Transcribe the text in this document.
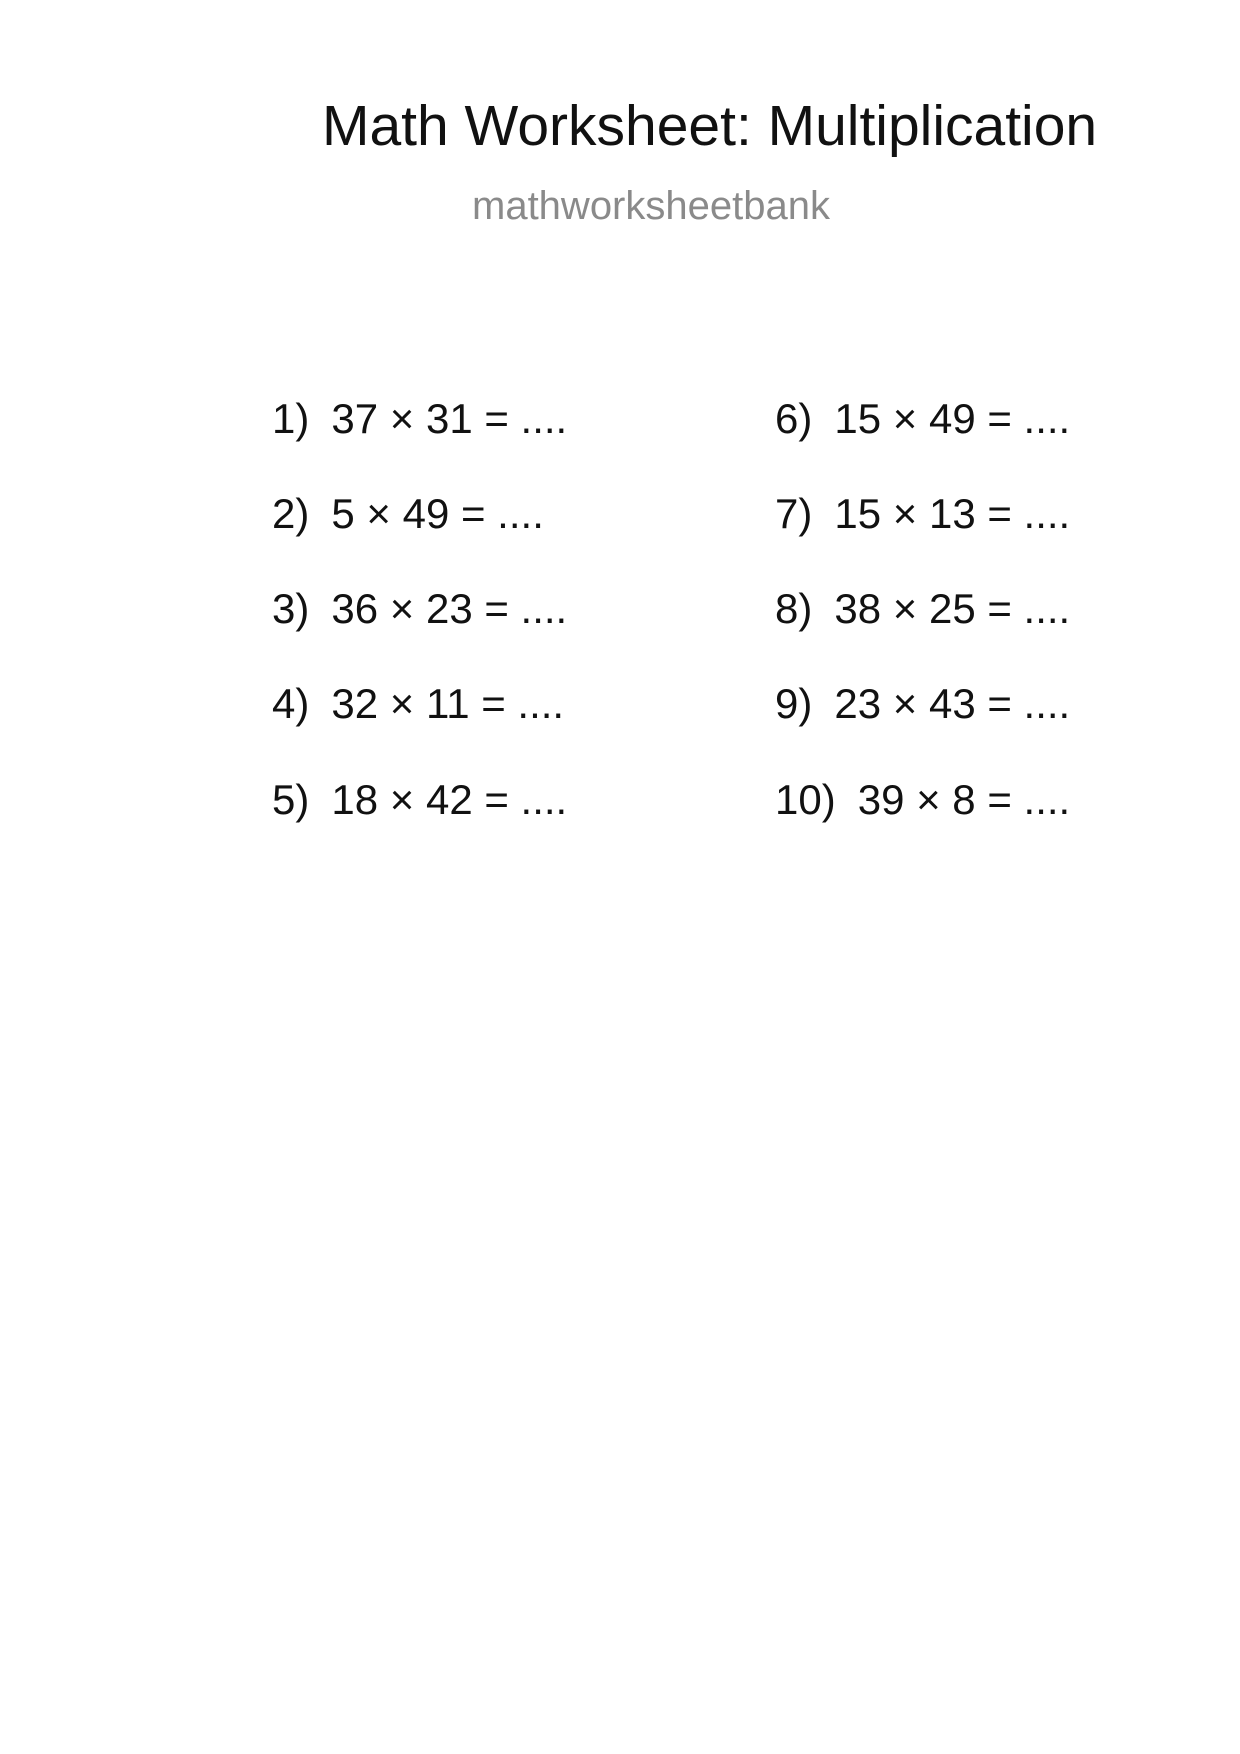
Math Worksheet: Multiplication
mathworksheetbank

1) 37 × 31 = ....

2) 5 × 49 = ....

3) 36 × 23 = ....

4) 32 × 11 = ....

5) 18 × 42 = ....

6) 15 × 49 = ....

7) 15 × 13 = ....

8) 38 × 25 = ....

9) 23 × 43 = ....

10) 39 × 8 = ....
